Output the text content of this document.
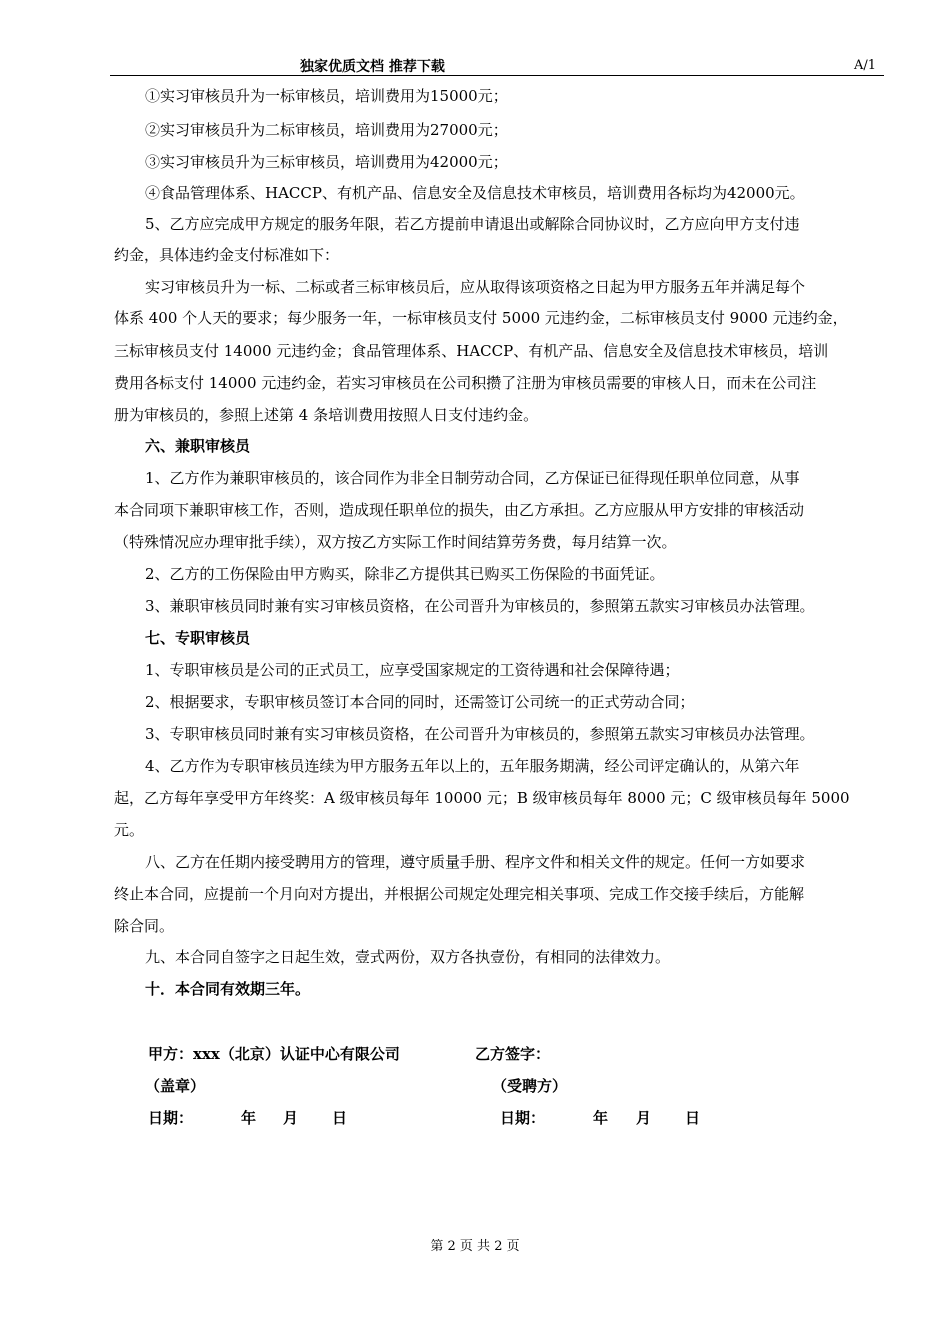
独家优质文档 推荐下载	A/1
①实习审核员升为一标审核员，培训费用为15000元；
②实习审核员升为二标审核员，培训费用为27000元；
③实习审核员升为三标审核员，培训费用为42000元；
④食品管理体系、HACCP、有机产品、信息安全及信息技术审核员，培训费用各标均为42000元。
5、乙方应完成甲方规定的服务年限，若乙方提前申请退出或解除合同协议时，乙方应向甲方支付违
约金，具体违约金支付标准如下：
实习审核员升为一标、二标或者三标审核员后，应从取得该项资格之日起为甲方服务五年并满足每个
体系 400 个人天的要求；每少服务一年，一标审核员支付 5000 元违约金，二标审核员支付 9000 元违约金，
三标审核员支付 14000 元违约金；食品管理体系、HACCP、有机产品、信息安全及信息技术审核员，培训
费用各标支付 14000 元违约金，若实习审核员在公司积攒了注册为审核员需要的审核人日，而未在公司注
册为审核员的，参照上述第 4 条培训费用按照人日支付违约金。
六、兼职审核员
1、乙方作为兼职审核员的，该合同作为非全日制劳动合同，乙方保证已征得现任职单位同意，从事
本合同项下兼职审核工作，否则，造成现任职单位的损失，由乙方承担。乙方应服从甲方安排的审核活动
（特殊情况应办理审批手续），双方按乙方实际工作时间结算劳务费，每月结算一次。
2、乙方的工伤保险由甲方购买，除非乙方提供其已购买工伤保险的书面凭证。
3、兼职审核员同时兼有实习审核员资格，在公司晋升为审核员的，参照第五款实习审核员办法管理。
七、专职审核员
1、专职审核员是公司的正式员工，应享受国家规定的工资待遇和社会保障待遇；
2、根据要求，专职审核员签订本合同的同时，还需签订公司统一的正式劳动合同；
3、专职审核员同时兼有实习审核员资格，在公司晋升为审核员的，参照第五款实习审核员办法管理。
4、乙方作为专职审核员连续为甲方服务五年以上的，五年服务期满，经公司评定确认的，从第六年
起，乙方每年享受甲方年终奖：A 级审核员每年 10000 元；B 级审核员每年 8000 元；C 级审核员每年 5000
元。
八、乙方在任期内接受聘用方的管理，遵守质量手册、程序文件和相关文件的规定。任何一方如要求
终止本合同，应提前一个月向对方提出，并根据公司规定处理完相关事项、完成工作交接手续后，方能解
除合同。
九、本合同自签字之日起生效，壹式两份，双方各执壹份，有相同的法律效力。
十．本合同有效期三年。
甲方：xxx（北京）认证中心有限公司	乙方签字：
（盖章）	（受聘方）
日期：	年 月 日	日期：	年 月 日
第 2 页 共 2 页
